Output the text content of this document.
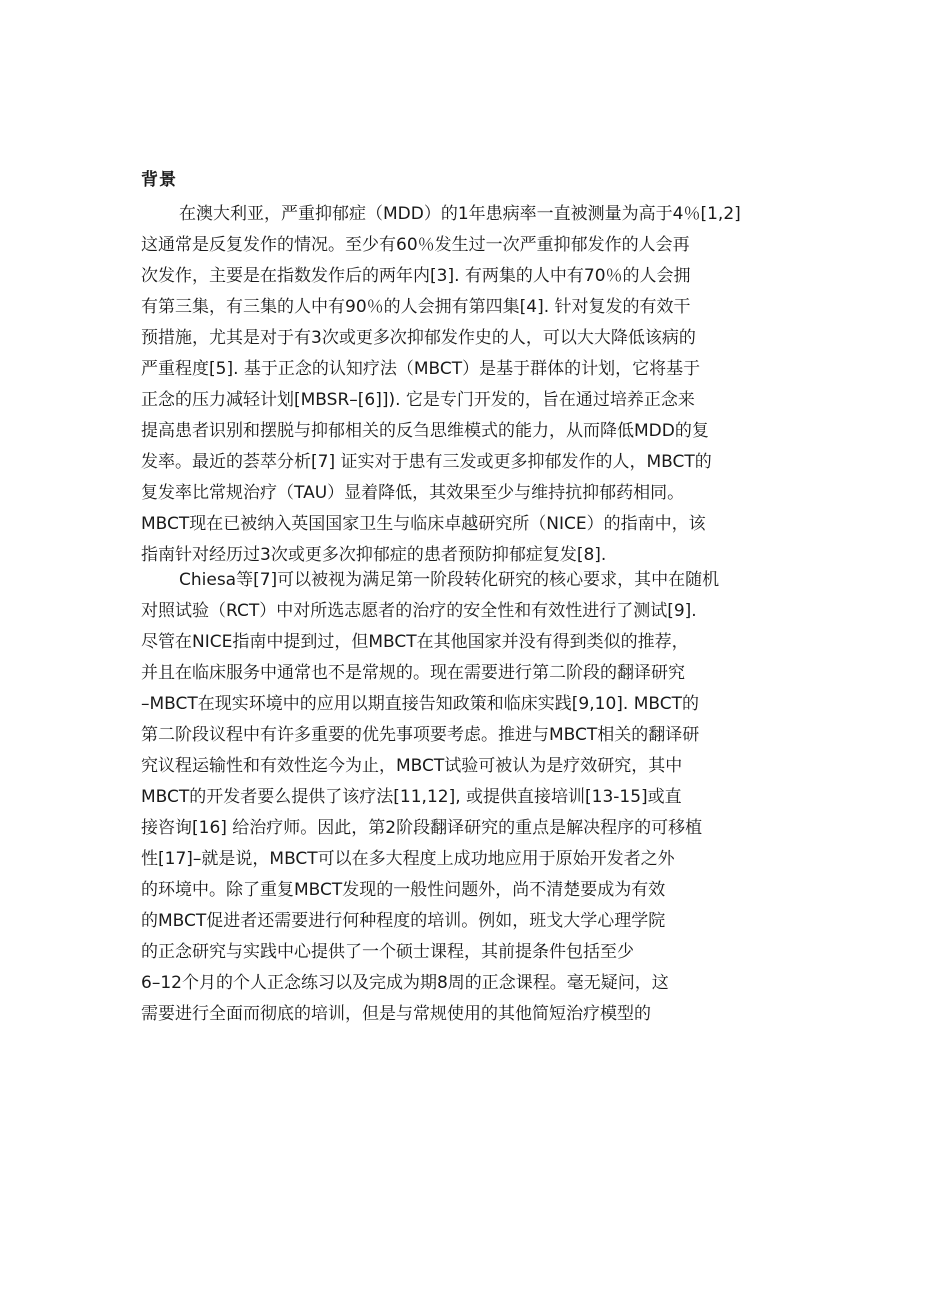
背景
在澳大利亚，严重抑郁症（MDD）的1年患病率一直被测量为高于4％[1,2]
这通常是反复发作的情况。至少有60％发生过一次严重抑郁发作的人会再
次发作，主要是在指数发作后的两年内[3]. 有两集的人中有70％的人会拥
有第三集，有三集的人中有90％的人会拥有第四集[4]. 针对复发的有效干
预措施，尤其是对于有3次或更多次抑郁发作史的人，可以大大降低该病的
严重程度[5]. 基于正念的认知疗法（MBCT）是基于群体的计划，它将基于
正念的压力减轻计划[MBSR–[6]]). 它是专门开发的，旨在通过培养正念来
提高患者识别和摆脱与抑郁相关的反刍思维模式的能力，从而降低MDD的复
发率。最近的荟萃分析[7] 证实对于患有三发或更多抑郁发作的人，MBCT的
复发率比常规治疗（TAU）显着降低，其效果至少与维持抗抑郁药相同。
MBCT现在已被纳入英国国家卫生与临床卓越研究所（NICE）的指南中，该
指南针对经历过3次或更多次抑郁症的患者预防抑郁症复发[8].
Chiesa等[7]可以被视为满足第一阶段转化研究的核心要求，其中在随机
对照试验（RCT）中对所选志愿者的治疗的安全性和有效性进行了测试[9].
尽管在NICE指南中提到过，但MBCT在其他国家并没有得到类似的推荐，
并且在临床服务中通常也不是常规的。现在需要进行第二阶段的翻译研究
–MBCT在现实环境中的应用以期直接告知政策和临床实践[9,10]. MBCT的
第二阶段议程中有许多重要的优先事项要考虑。推进与MBCT相关的翻译研
究议程运输性和有效性迄今为止，MBCT试验可被认为是疗效研究，其中
MBCT的开发者要么提供了该疗法[11,12], 或提供直接培训[13-15]或直
接咨询[16] 给治疗师。因此，第2阶段翻译研究的重点是解决程序的可移植
性[17]–就是说，MBCT可以在多大程度上成功地应用于原始开发者之外
的环境中。除了重复MBCT发现的一般性问题外，尚不清楚要成为有效
的MBCT促进者还需要进行何种程度的培训。例如，班戈大学心理学院
的正念研究与实践中心提供了一个硕士课程，其前提条件包括至少
6–12个月的个人正念练习以及完成为期8周的正念课程。毫无疑问，这
需要进行全面而彻底的培训，但是与常规使用的其他简短治疗模型的
